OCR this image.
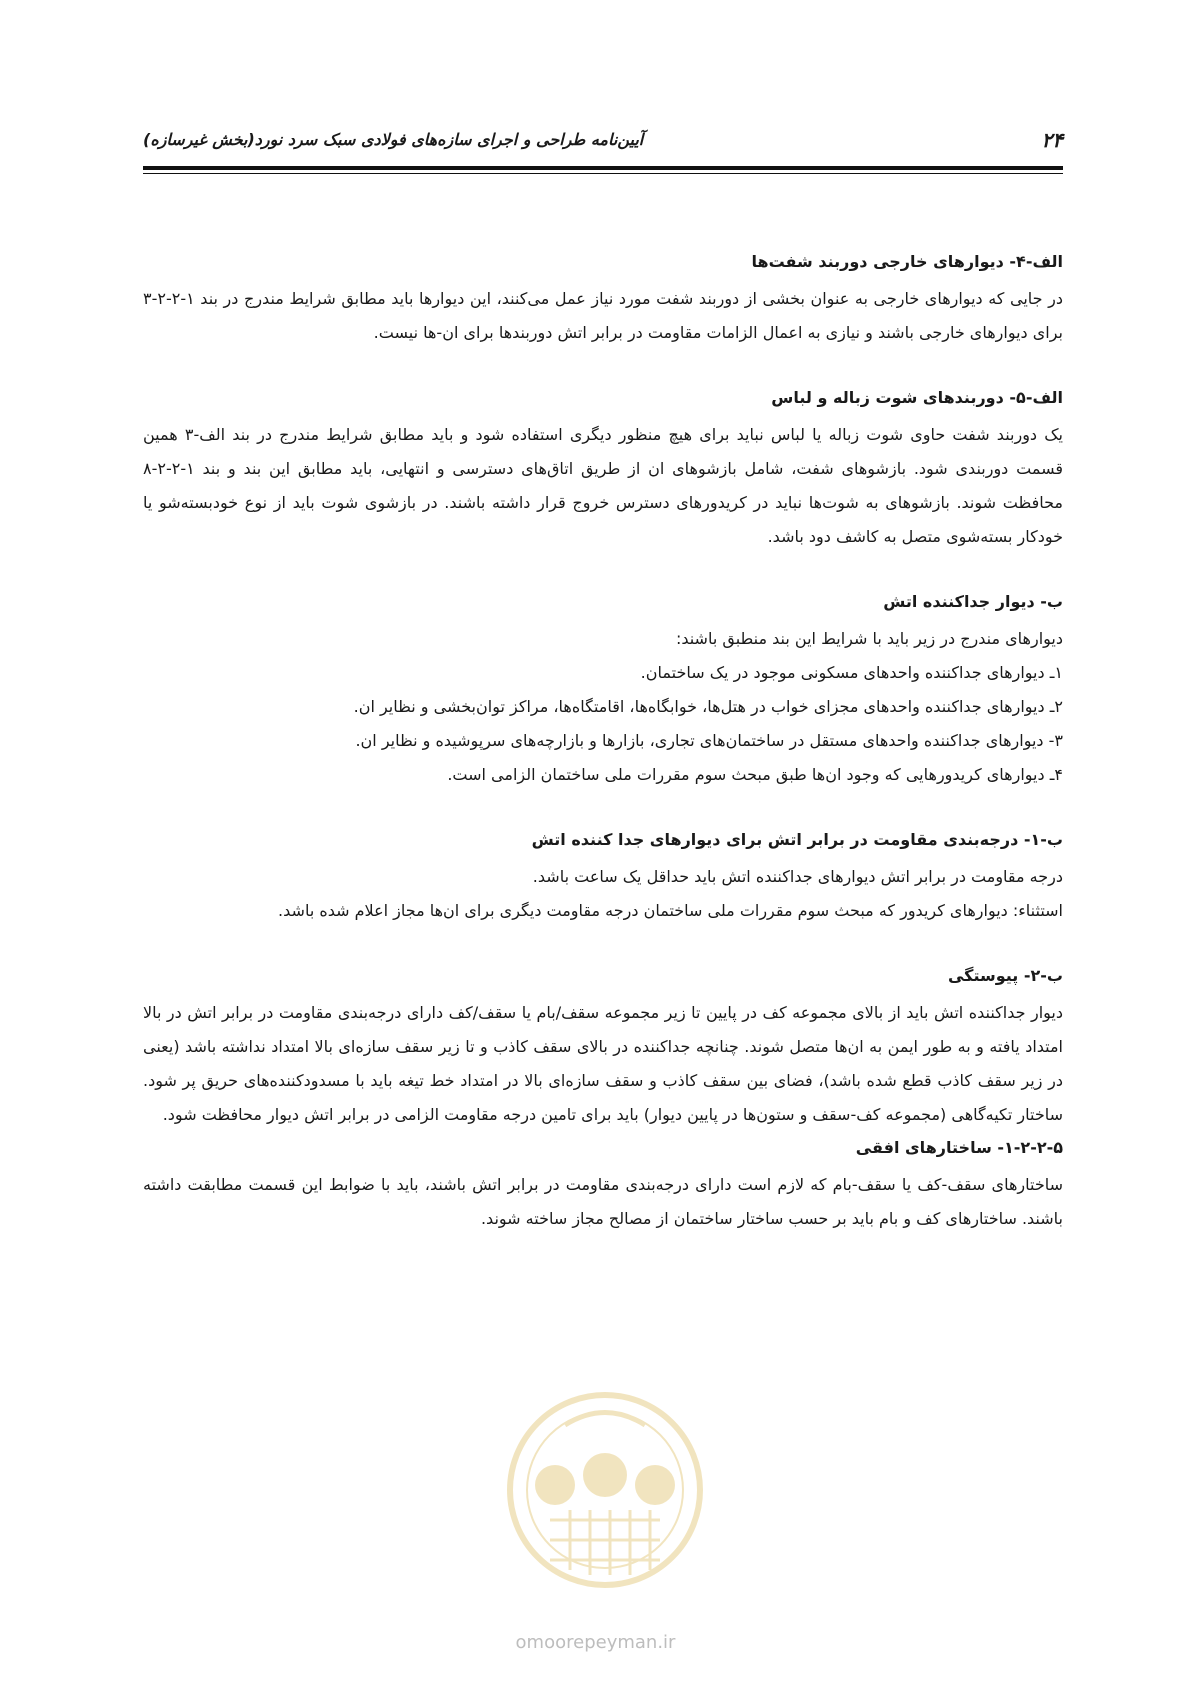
۲۴
آیین‌نامه طراحی و اجرای سازه‌های فولادی سبک سرد نورد(بخش غیرسازه)
الف-۴- دیوارهای خارجی دوربند شفت‌ها

در جایی که دیوارهای خارجی به عنوان بخشی از دوربند شفت مورد نیاز عمل می‌کنند، این دیوارها باید مطابق شرایط مندرج در بند ۱-۲-۲-۳ برای دیوارهای خارجی باشند و نیازی به اعمال الزامات مقاومت در برابر اتش دوربندها برای ان-ها نیست.

الف-۵- دوربندهای شوت زباله و لباس

یک دوربند شفت حاوی شوت زباله یا لباس نباید برای هیچ منظور دیگری استفاده شود و باید مطابق شرایط مندرج در بند الف-۳ همین قسمت دوربندی شود. بازشوهای شفت، شامل بازشوهای ان از طریق اتاق‌های دسترسی و انتهایی، باید مطابق این بند و بند ۱-۲-۲-۸ محافظت شوند. بازشوهای به شوت‌ها نباید در کریدورهای دسترس خروج قرار داشته باشند. در بازشوی شوت باید از نوع خودبسته‌شو یا خودکار بسته‌شوی متصل به کاشف دود باشد.

ب- دیوار جداکننده اتش

دیوارهای مندرج در زیر باید با شرایط این بند منطبق باشند:

۱ـ دیوارهای جداکننده واحدهای مسکونی موجود در یک ساختمان.
۲ـ دیوارهای جداکننده واحدهای مجزای خواب در هتل‌ها، خوابگاه‌ها، اقامتگاه‌ها، مراکز توان‌بخشی و نظایر ان.
۳- دیوارهای جداکننده واحدهای مستقل در ساختمان‌های تجاری، بازارها و بازارچه‌های سرپوشیده و نظایر ان.
۴ـ دیوارهای کریدورهایی که وجود ان‌ها طبق مبحث سوم مقررات ملی ساختمان الزامی است.
ب-۱- درجه‌بندی مقاومت در برابر اتش برای دیوارهای جدا کننده اتش

درجه مقاومت در برابر اتش دیوارهای جداکننده اتش باید حداقل یک ساعت باشد.

استثناء: دیوارهای کریدور که مبحث سوم مقررات ملی ساختمان درجه مقاومت دیگری برای ان‌ها مجاز اعلام شده باشد.

ب-۲- پیوستگی

دیوار جداکننده اتش باید از بالای مجموعه کف در پایین تا زیر مجموعه سقف/بام یا سقف/کف دارای درجه‌بندی مقاومت در برابر اتش در بالا امتداد یافته و به طور ایمن به ان‌ها متصل شوند. چنانچه جداکننده در بالای سقف کاذب و تا زیر سقف سازه‌ای بالا امتداد نداشته باشد (یعنی در زیر سقف کاذب قطع شده باشد)، فضای بین سقف کاذب و سقف سازه‌ای بالا در امتداد خط تیغه باید با مسدودکننده‌های حریق پر شود. ساختار تکیه‌گاهی (مجموعه کف-سقف و ستون‌ها در پایین دیوار) باید برای تامین درجه مقاومت الزامی در برابر اتش دیوار محافظت شود.

۱-۲-۲-۵- ساختارهای افقی

ساختارهای سقف-کف یا سقف-بام که لازم است دارای درجه‌بندی مقاومت در برابر اتش باشند، باید با ضوابط این قسمت مطابقت داشته باشند. ساختارهای کف و بام باید بر حسب ساختار ساختمان از مصالح مجاز ساخته شوند.

omoorepeyman.ir
